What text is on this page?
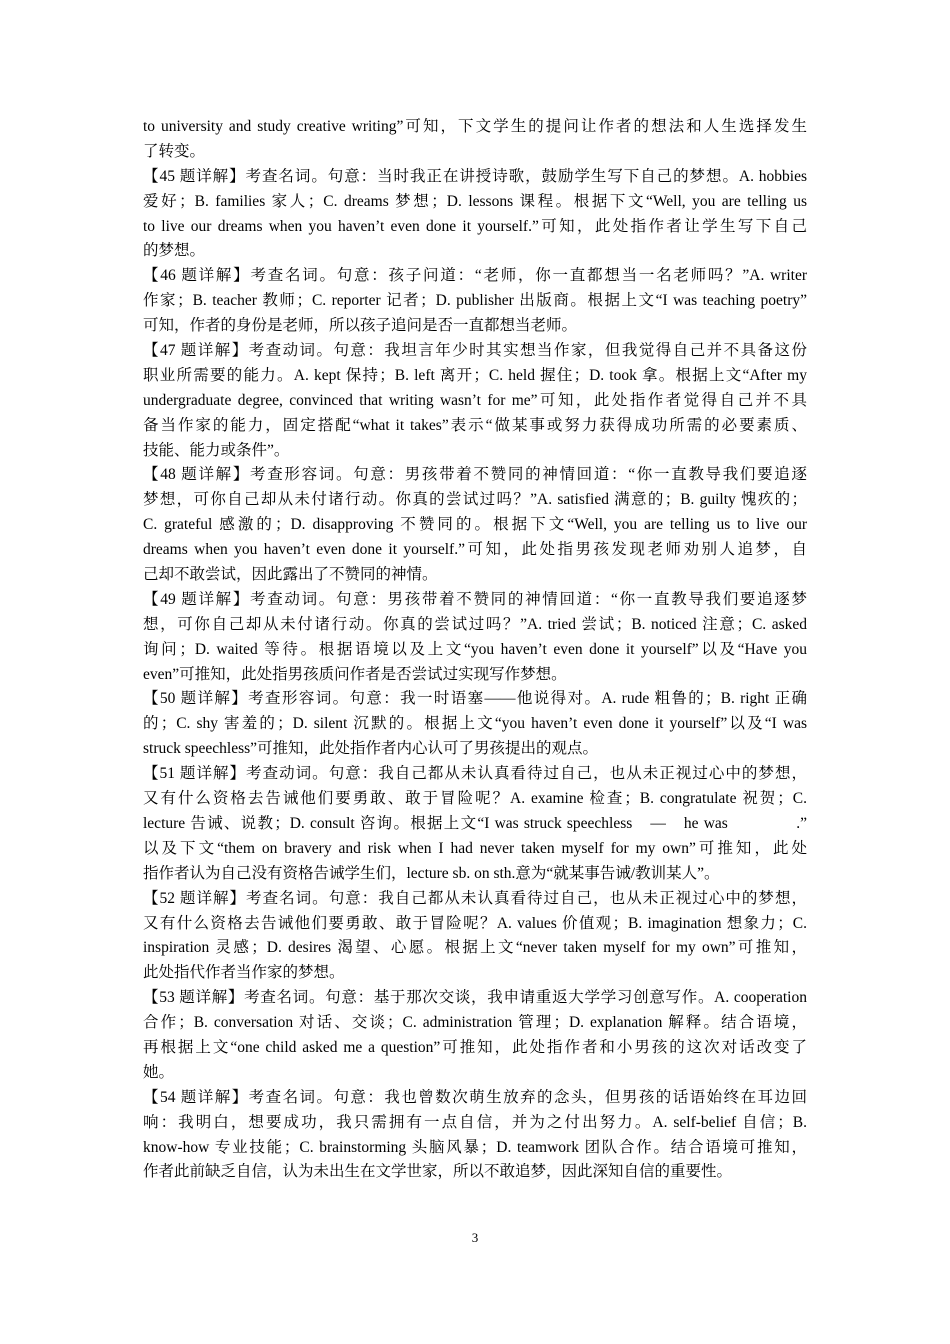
to university and study creative writing”可知，下文学生的提问让作者的想法和人生选择发生
了转变。
【45 题详解】考查名词。句意：当时我正在讲授诗歌，鼓励学生写下自己的梦想。A. hobbies
爱好；B. families 家人；C. dreams 梦想；D. lessons 课程。根据下文“Well, you are telling us
to live our dreams when you haven’t even done it yourself.”可知，此处指作者让学生写下自己
的梦想。
【46 题详解】考查名词。句意：孩子问道：“老师，你一直都想当一名老师吗？”A. writer
作家；B. teacher 教师；C. reporter 记者；D. publisher 出版商。根据上文“I was teaching poetry”
可知，作者的身份是老师，所以孩子追问是否一直都想当老师。
【47 题详解】考查动词。句意：我坦言年少时其实想当作家，但我觉得自己并不具备这份
职业所需要的能力。A. kept 保持；B. left 离开；C. held 握住；D. took 拿。根据上文“After my
undergraduate degree, convinced that writing wasn’t for me”可知，此处指作者觉得自己并不具
备当作家的能力，固定搭配“what it takes”表示“做某事或努力获得成功所需的必要素质、
技能、能力或条件”。
【48 题详解】考查形容词。句意：男孩带着不赞同的神情回道：“你一直教导我们要追逐
梦想，可你自己却从未付诸行动。你真的尝试过吗？”A. satisfied 满意的；B. guilty 愧疚的；
C. grateful 感激的；D. disapproving 不赞同的。根据下文“Well, you are telling us to live our
dreams when you haven’t even done it yourself.”可知，此处指男孩发现老师劝别人追梦，自
己却不敢尝试，因此露出了不赞同的神情。
【49 题详解】考查动词。句意：男孩带着不赞同的神情回道：“你一直教导我们要追逐梦
想，可你自己却从未付诸行动。你真的尝试过吗？”A. tried 尝试；B. noticed 注意；C. asked
询问；D. waited 等待。根据语境以及上文“you haven’t even done it yourself”以及“Have you
even”可推知，此处指男孩质问作者是否尝试过实现写作梦想。
【50 题详解】考查形容词。句意：我一时语塞——他说得对。A. rude 粗鲁的；B. right 正确
的；C. shy 害羞的；D. silent 沉默的。根据上文“you haven’t even done it yourself”以及“I was
struck speechless”可推知，此处指作者内心认可了男孩提出的观点。
【51 题详解】考查动词。句意：我自己都从未认真看待过自己，也从未正视过心中的梦想，
又有什么资格去告诫他们要勇敢、敢于冒险呢？A. examine 检查；B. congratulate 祝贺；C.
lecture 告诫、说教；D. consult 咨询。根据上文“I was struck speechless　—　he was　　　　.”
以及下文“them on bravery and risk when I had never taken myself for my own”可推知，此处
指作者认为自己没有资格告诫学生们，lecture sb. on sth.意为“就某事告诫/教训某人”。
【52 题详解】考查名词。句意：我自己都从未认真看待过自己，也从未正视过心中的梦想，
又有什么资格去告诫他们要勇敢、敢于冒险呢？A. values 价值观；B. imagination 想象力；C.
inspiration 灵感；D. desires 渴望、心愿。根据上文“never taken myself for my own”可推知，
此处指代作者当作家的梦想。
【53 题详解】考查名词。句意：基于那次交谈，我申请重返大学学习创意写作。A. cooperation
合作；B. conversation 对话、交谈；C. administration 管理；D. explanation 解释。结合语境，
再根据上文“one child asked me a question”可推知，此处指作者和小男孩的这次对话改变了
她。
【54 题详解】考查名词。句意：我也曾数次萌生放弃的念头，但男孩的话语始终在耳边回
响：我明白，想要成功，我只需拥有一点自信，并为之付出努力。A. self-belief 自信；B.
know-how 专业技能；C. brainstorming 头脑风暴；D. teamwork 团队合作。结合语境可推知，
作者此前缺乏自信，认为未出生在文学世家，所以不敢追梦，因此深知自信的重要性。
3
